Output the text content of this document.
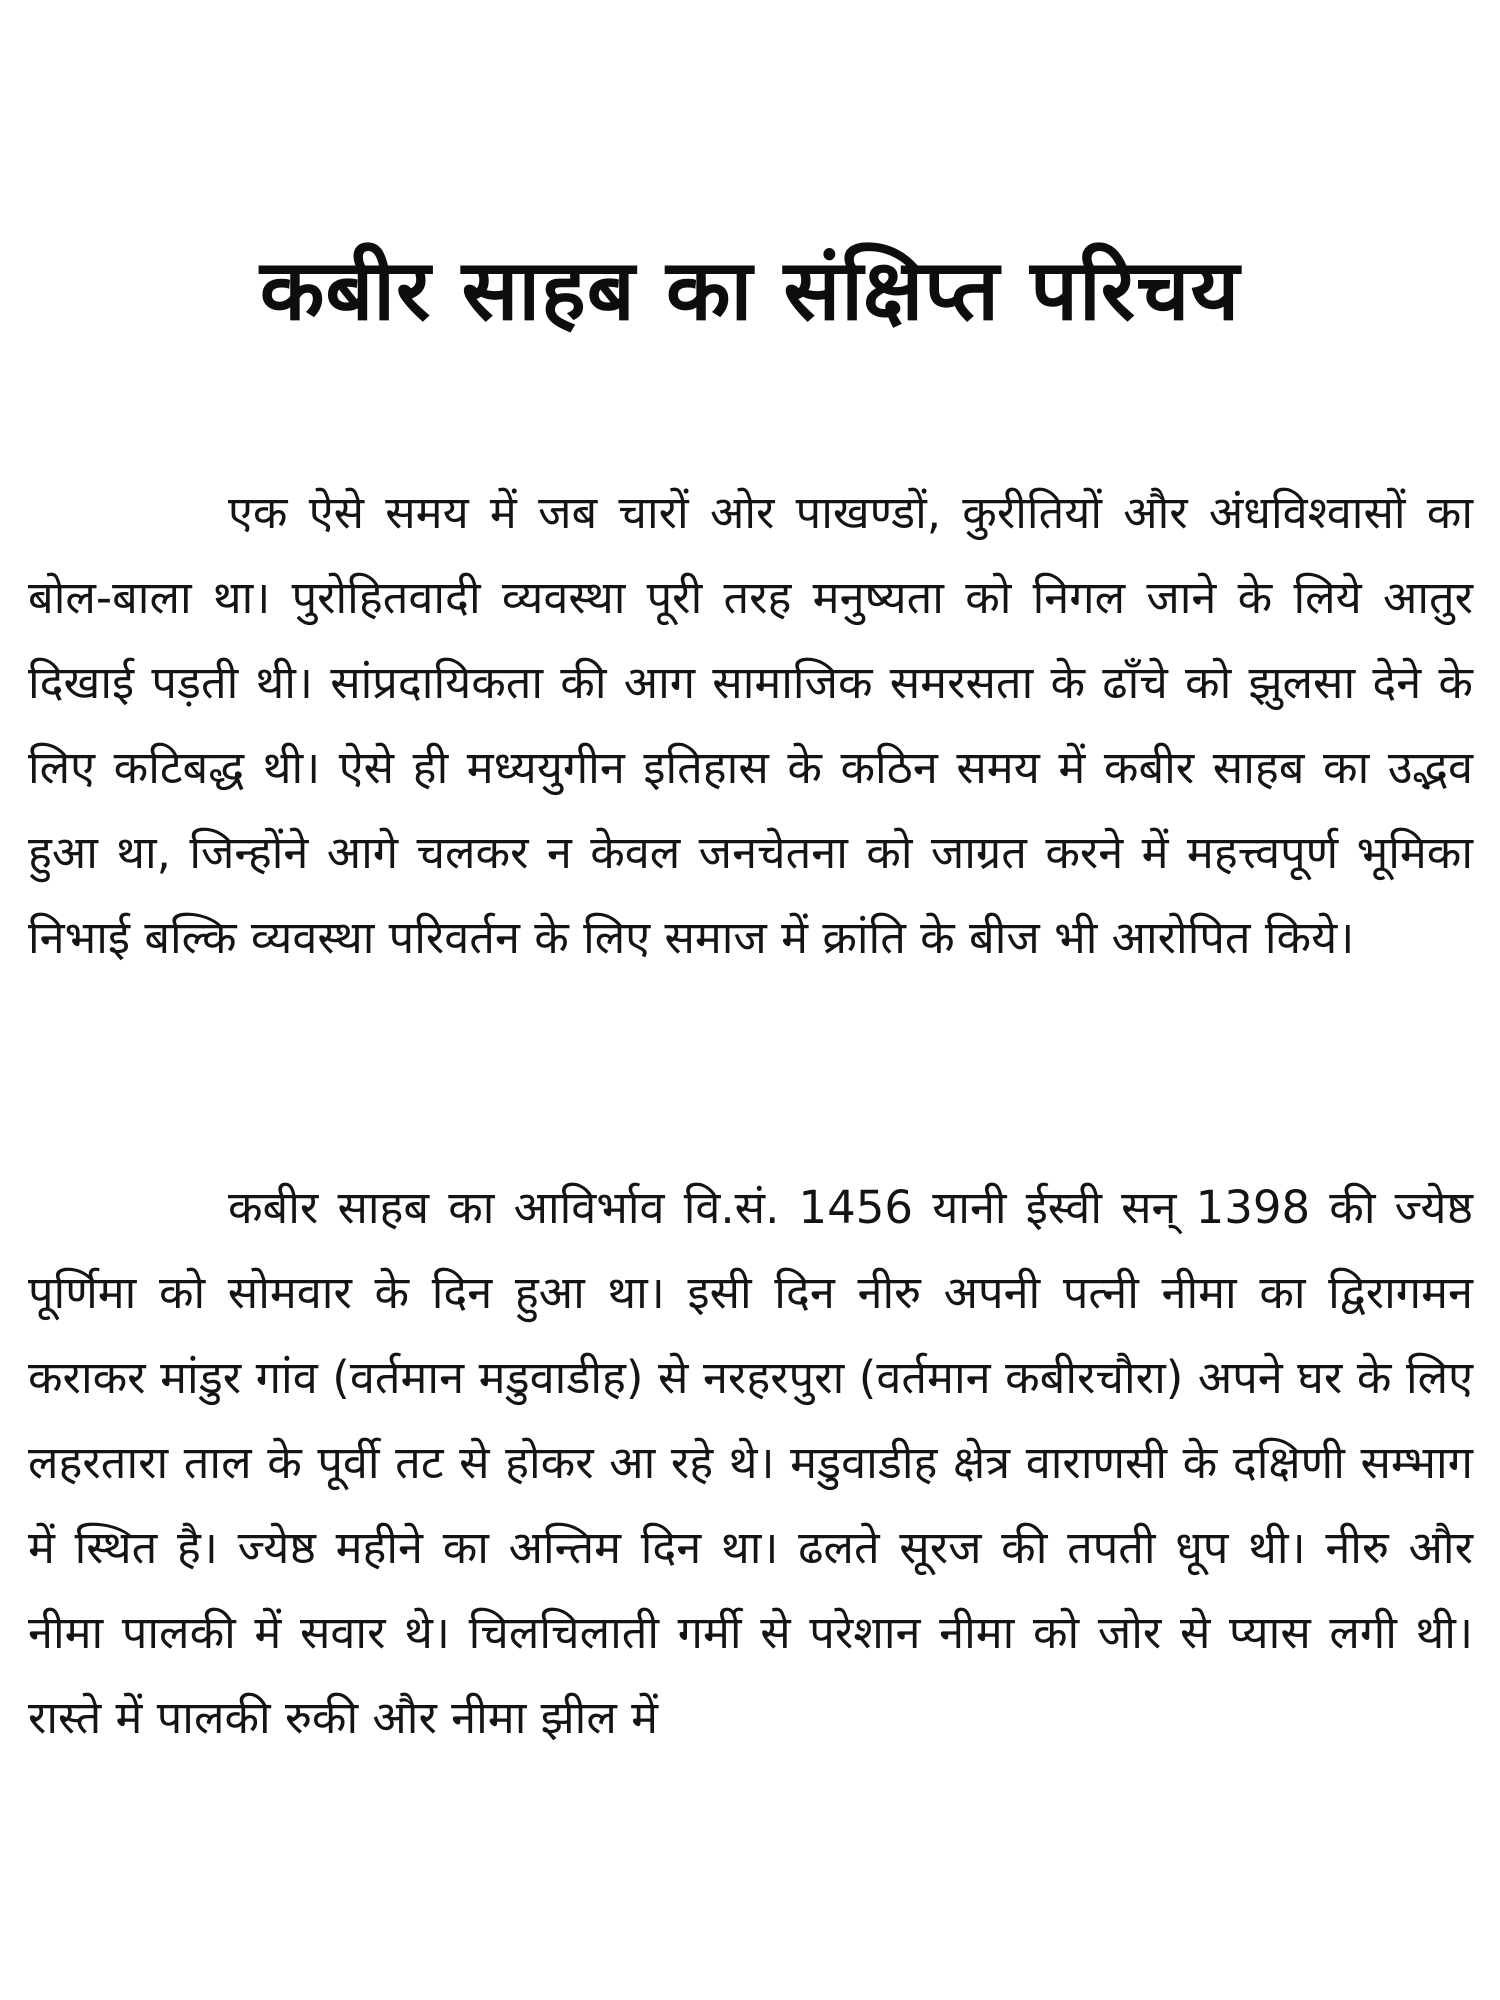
कबीर साहब का संक्षिप्त परिचय

एक ऐसे समय में जब चारों ओर पाखण्डों, कुरीतियों और अंधविश्वासों का बोल-बाला था। पुरोहितवादी व्यवस्था पूरी तरह मनुष्यता को निगल जाने के लिये आतुर दिखाई पड़ती थी। सांप्रदायिकता की आग सामाजिक समरसता के ढाँचे को झुलसा देने के लिए कटिबद्ध थी। ऐसे ही मध्ययुगीन इतिहास के कठिन समय में कबीर साहब का उद्भव हुआ था, जिन्होंने आगे चलकर न केवल जनचेतना को जाग्रत करने में महत्त्वपूर्ण भूमिका निभाई बल्कि व्यवस्था परिवर्तन के लिए समाज में क्रांति के बीज भी आरोपित किये।

कबीर साहब का आविर्भाव वि.सं. 1456 यानी ईस्वी सन् 1398 की ज्येष्ठ पूर्णिमा को सोमवार के दिन हुआ था। इसी दिन नीरु अपनी पत्नी नीमा का द्विरागमन कराकर मांडुर गांव (वर्तमान मडुवाडीह) से नरहरपुरा (वर्तमान कबीरचौरा) अपने घर के लिए लहरतारा ताल के पूर्वी तट से होकर आ रहे थे। मडुवाडीह क्षेत्र वाराणसी के दक्षिणी सम्भाग में स्थित है। ज्येष्ठ महीने का अन्तिम दिन था। ढलते सूरज की तपती धूप थी। नीरु और नीमा पालकी में सवार थे। चिलचिलाती गर्मी से परेशान नीमा को जोर से प्यास लगी थी। रास्ते में पालकी रुकी और नीमा झील में
